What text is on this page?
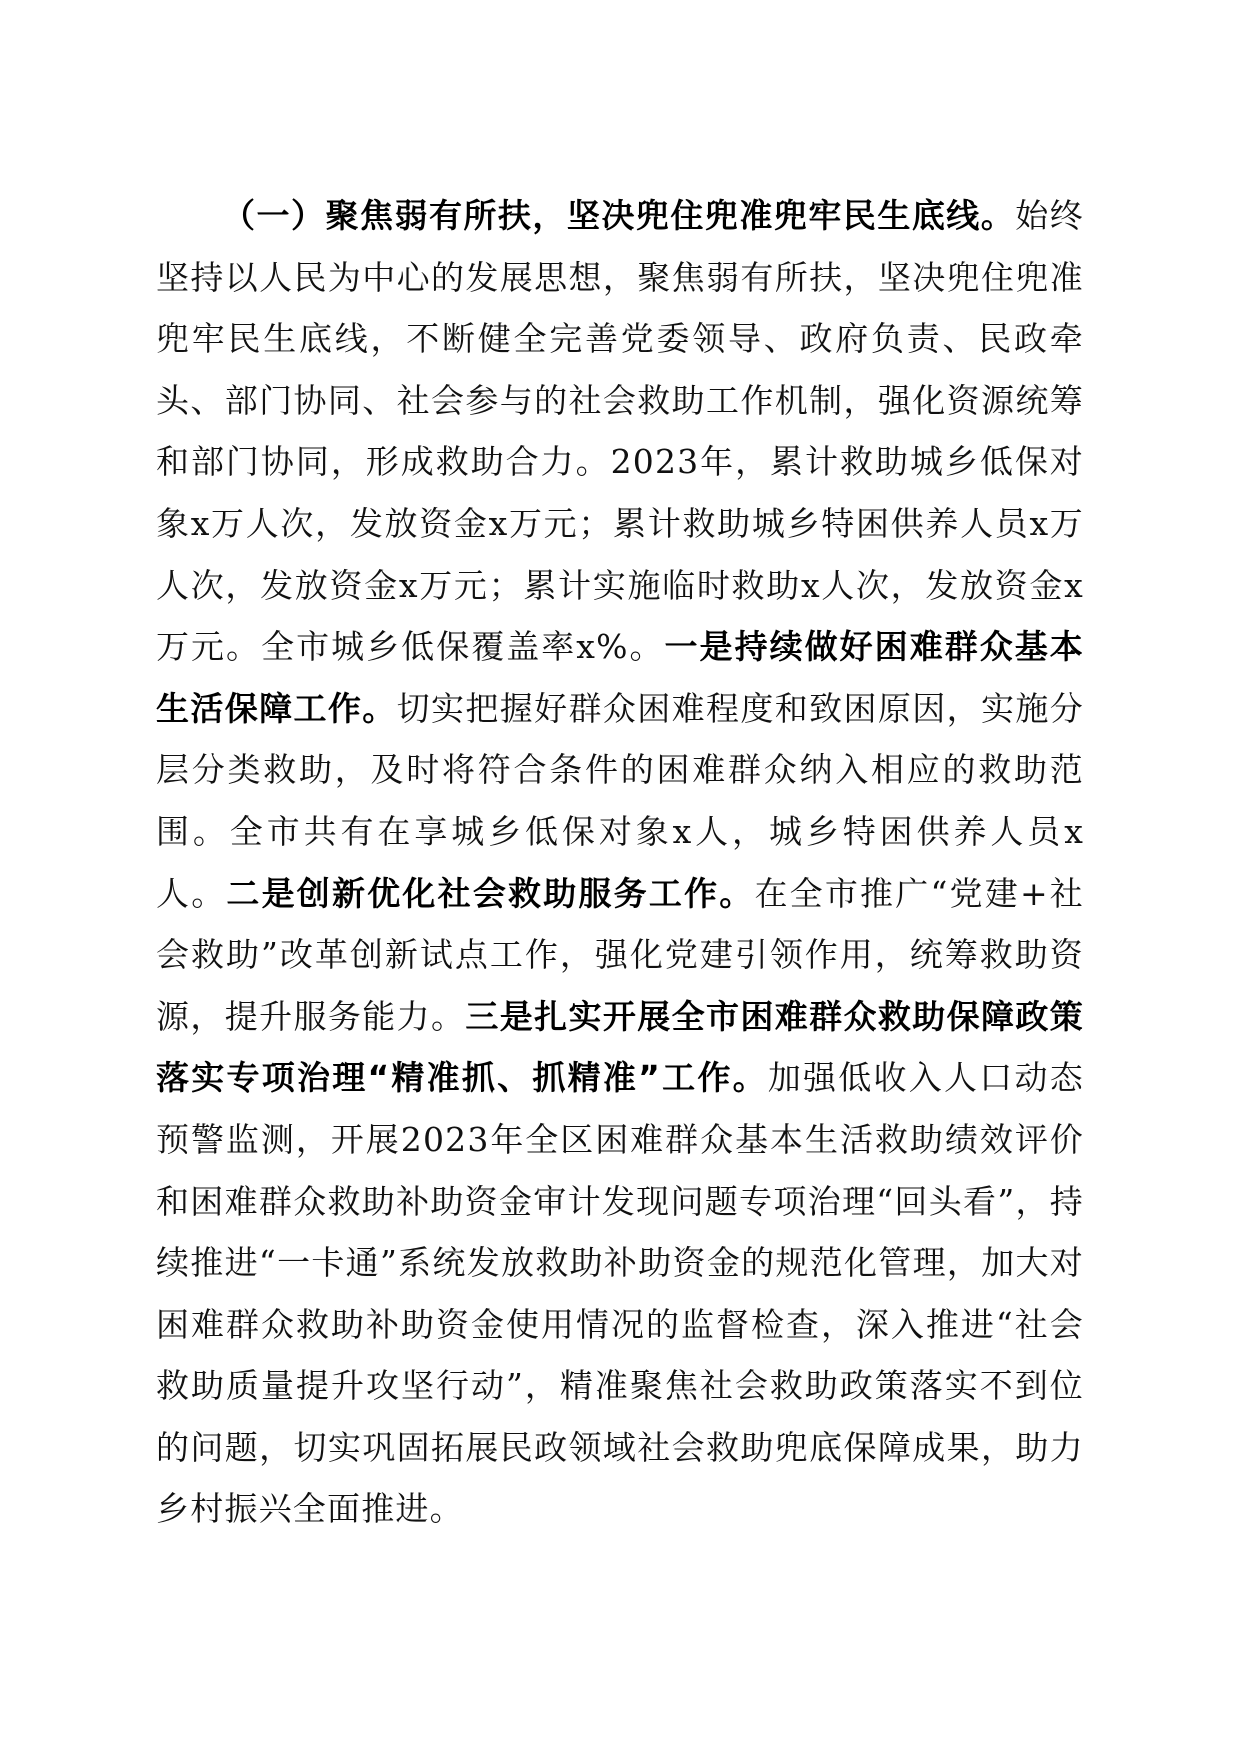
（一）聚焦弱有所扶，坚决兜住兜准兜牢民生底线。始终坚持以人民为中心的发展思想，聚焦弱有所扶，坚决兜住兜准兜牢民生底线，不断健全完善党委领导、政府负责、民政牵头、部门协同、社会参与的社会救助工作机制，强化资源统筹和部门协同，形成救助合力。2023年，累计救助城乡低保对象x万人次，发放资金x万元；累计救助城乡特困供养人员x万人次，发放资金x万元；累计实施临时救助x人次，发放资金x万元。全市城乡低保覆盖率x%。一是持续做好困难群众基本生活保障工作。切实把握好群众困难程度和致困原因，实施分层分类救助，及时将符合条件的困难群众纳入相应的救助范围。全市共有在享城乡低保对象x人，城乡特困供养人员x人。二是创新优化社会救助服务工作。在全市推广“党建+社会救助”改革创新试点工作，强化党建引领作用，统筹救助资源，提升服务能力。三是扎实开展全市困难群众救助保障政策落实专项治理“精准抓、抓精准”工作。加强低收入人口动态预警监测，开展2023年全区困难群众基本生活救助绩效评价和困难群众救助补助资金审计发现问题专项治理“回头看”，持续推进“一卡通”系统发放救助补助资金的规范化管理，加大对困难群众救助补助资金使用情况的监督检查，深入推进“社会救助质量提升攻坚行动”，精准聚焦社会救助政策落实不到位的问题，切实巩固拓展民政领域社会救助兜底保障成果，助力乡村振兴全面推进。
